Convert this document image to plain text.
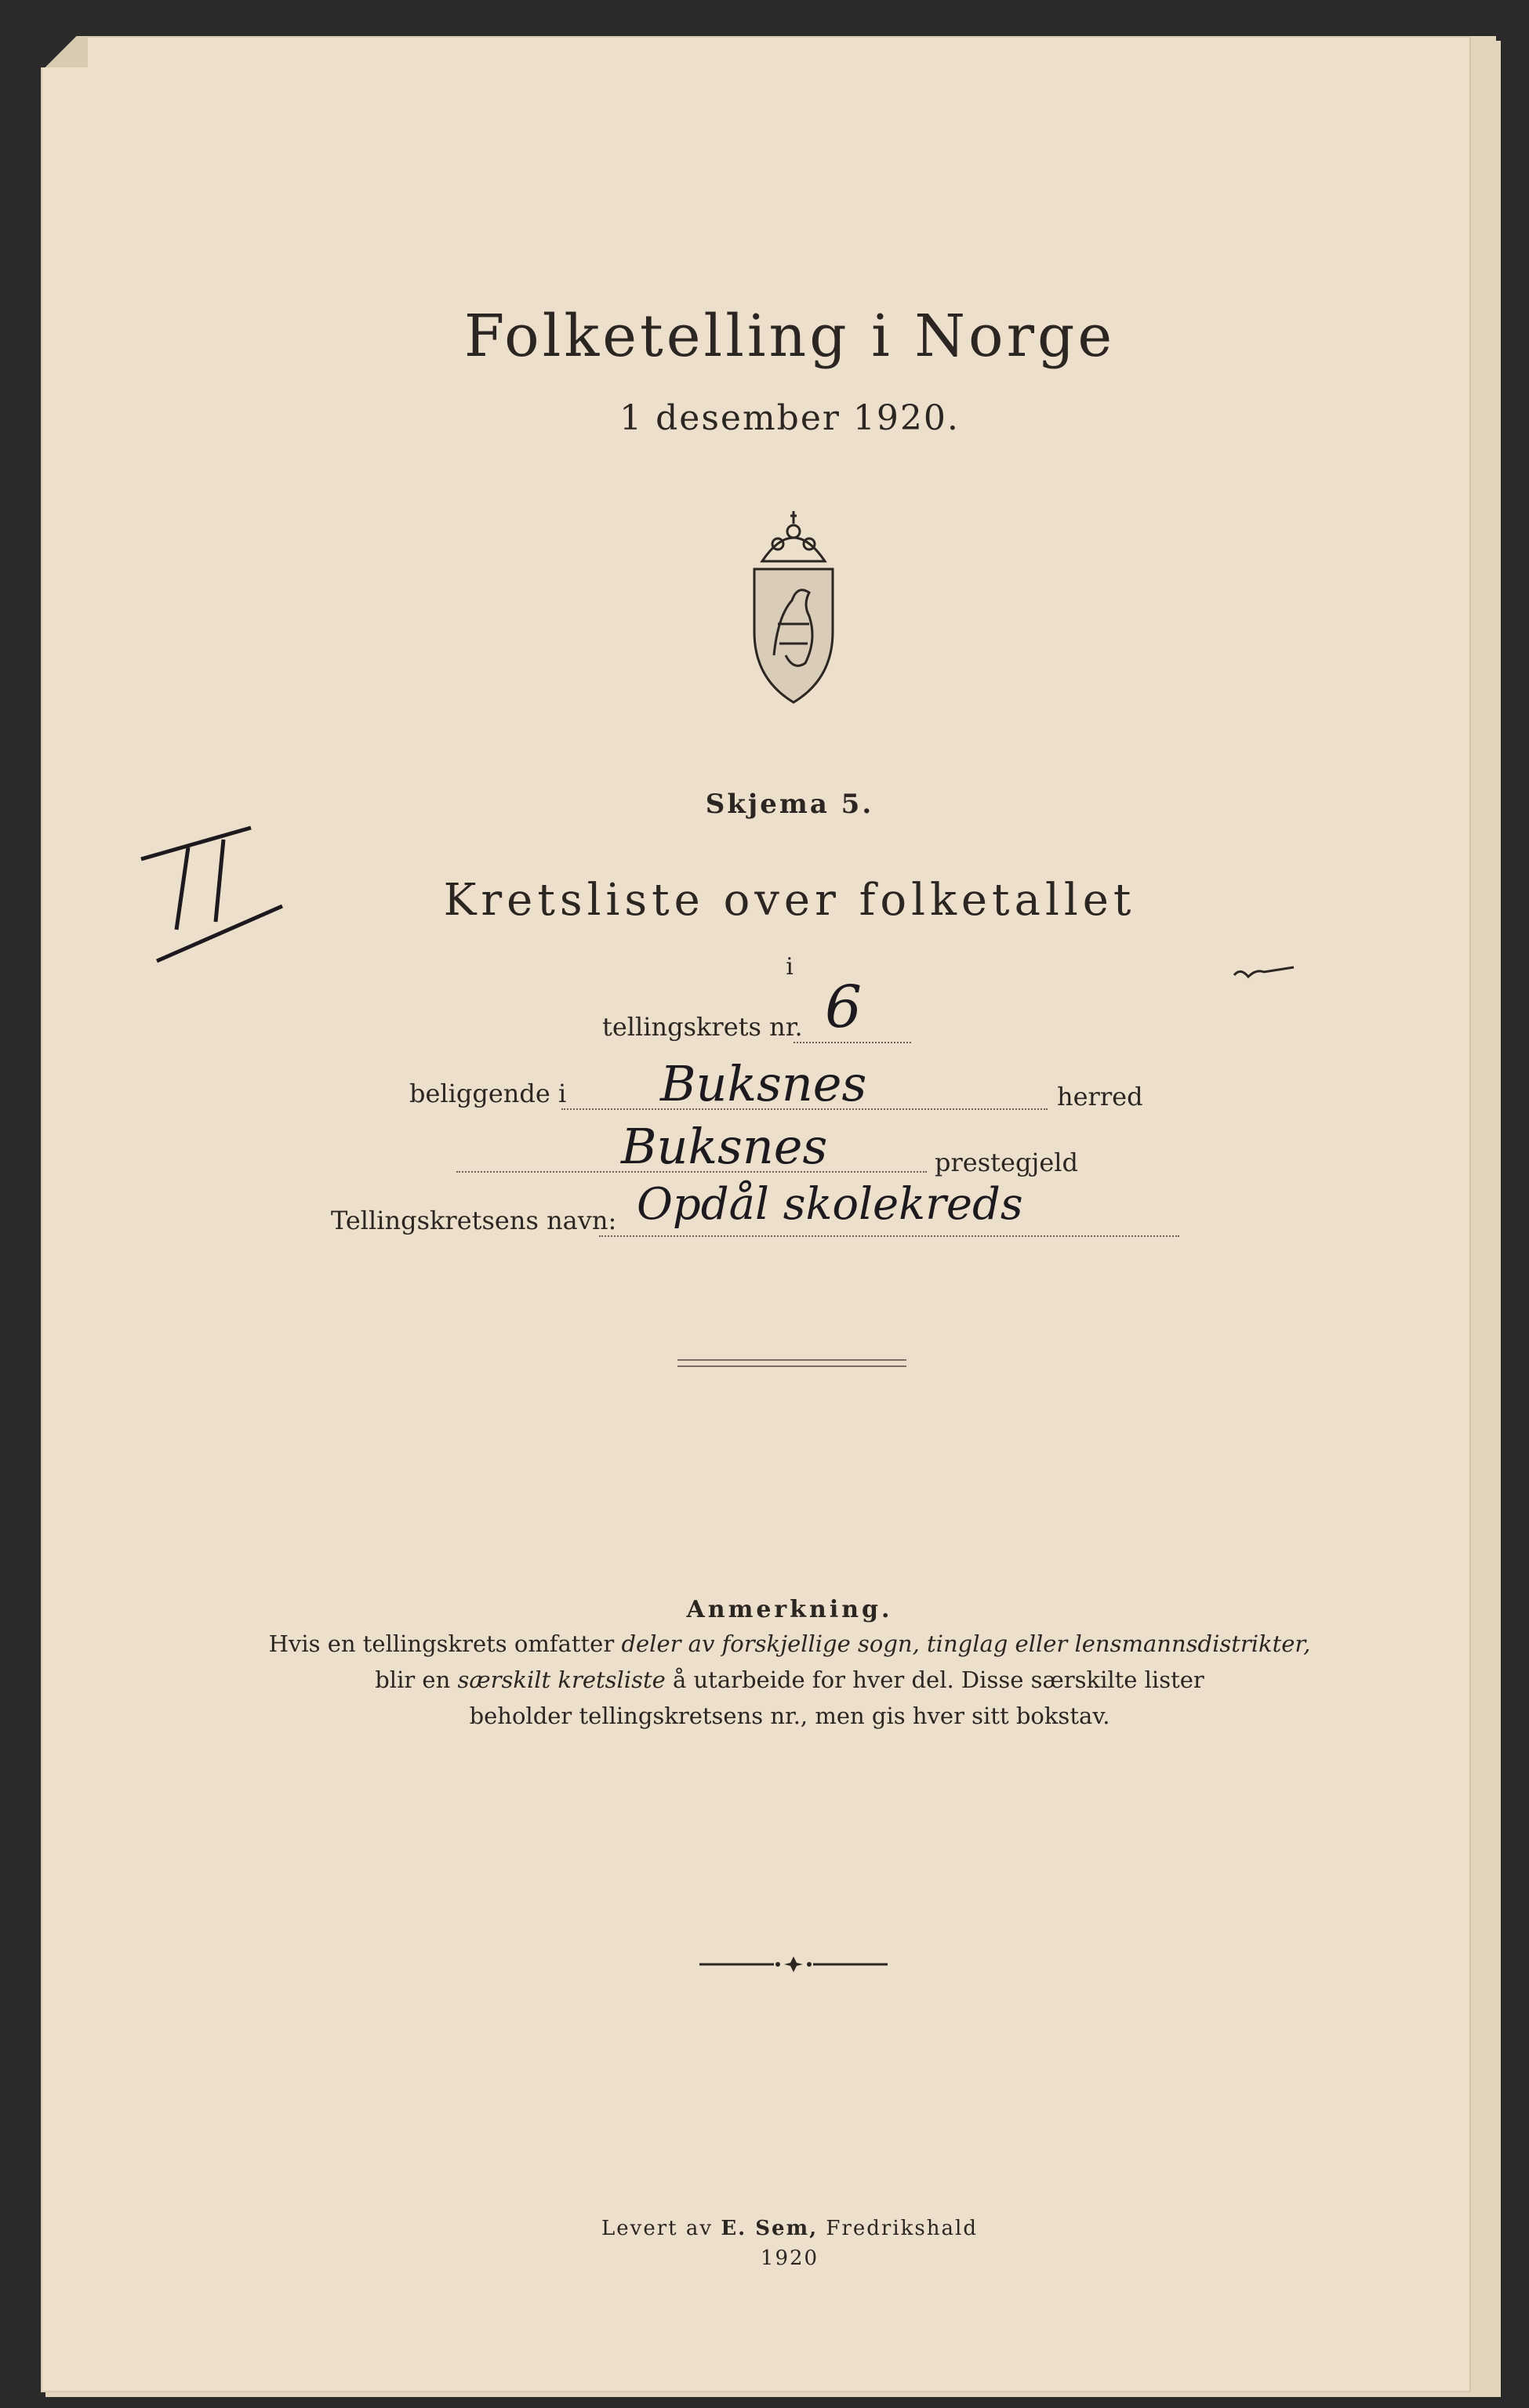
Folketelling i Norge
1 desember 1920.
Skjema 5.
Kretsliste over folketallet
i
tellingskrets nr. 6
beliggende i Buksnes	herred
Buksnes	prestegjeld
Tellingskretsens navn: Opdål skolekreds
Anmerkning.
Hvis en tellingskrets omfatter deler av forskjellige sogn, tinglag eller lensmannsdistrikter,
blir en særskilt kretsliste å utarbeide for hver del. Disse særskilte lister
beholder tellingskretsens nr., men gis hver sitt bokstav.
Levert av E. Sem, Fredrikshald
1920
